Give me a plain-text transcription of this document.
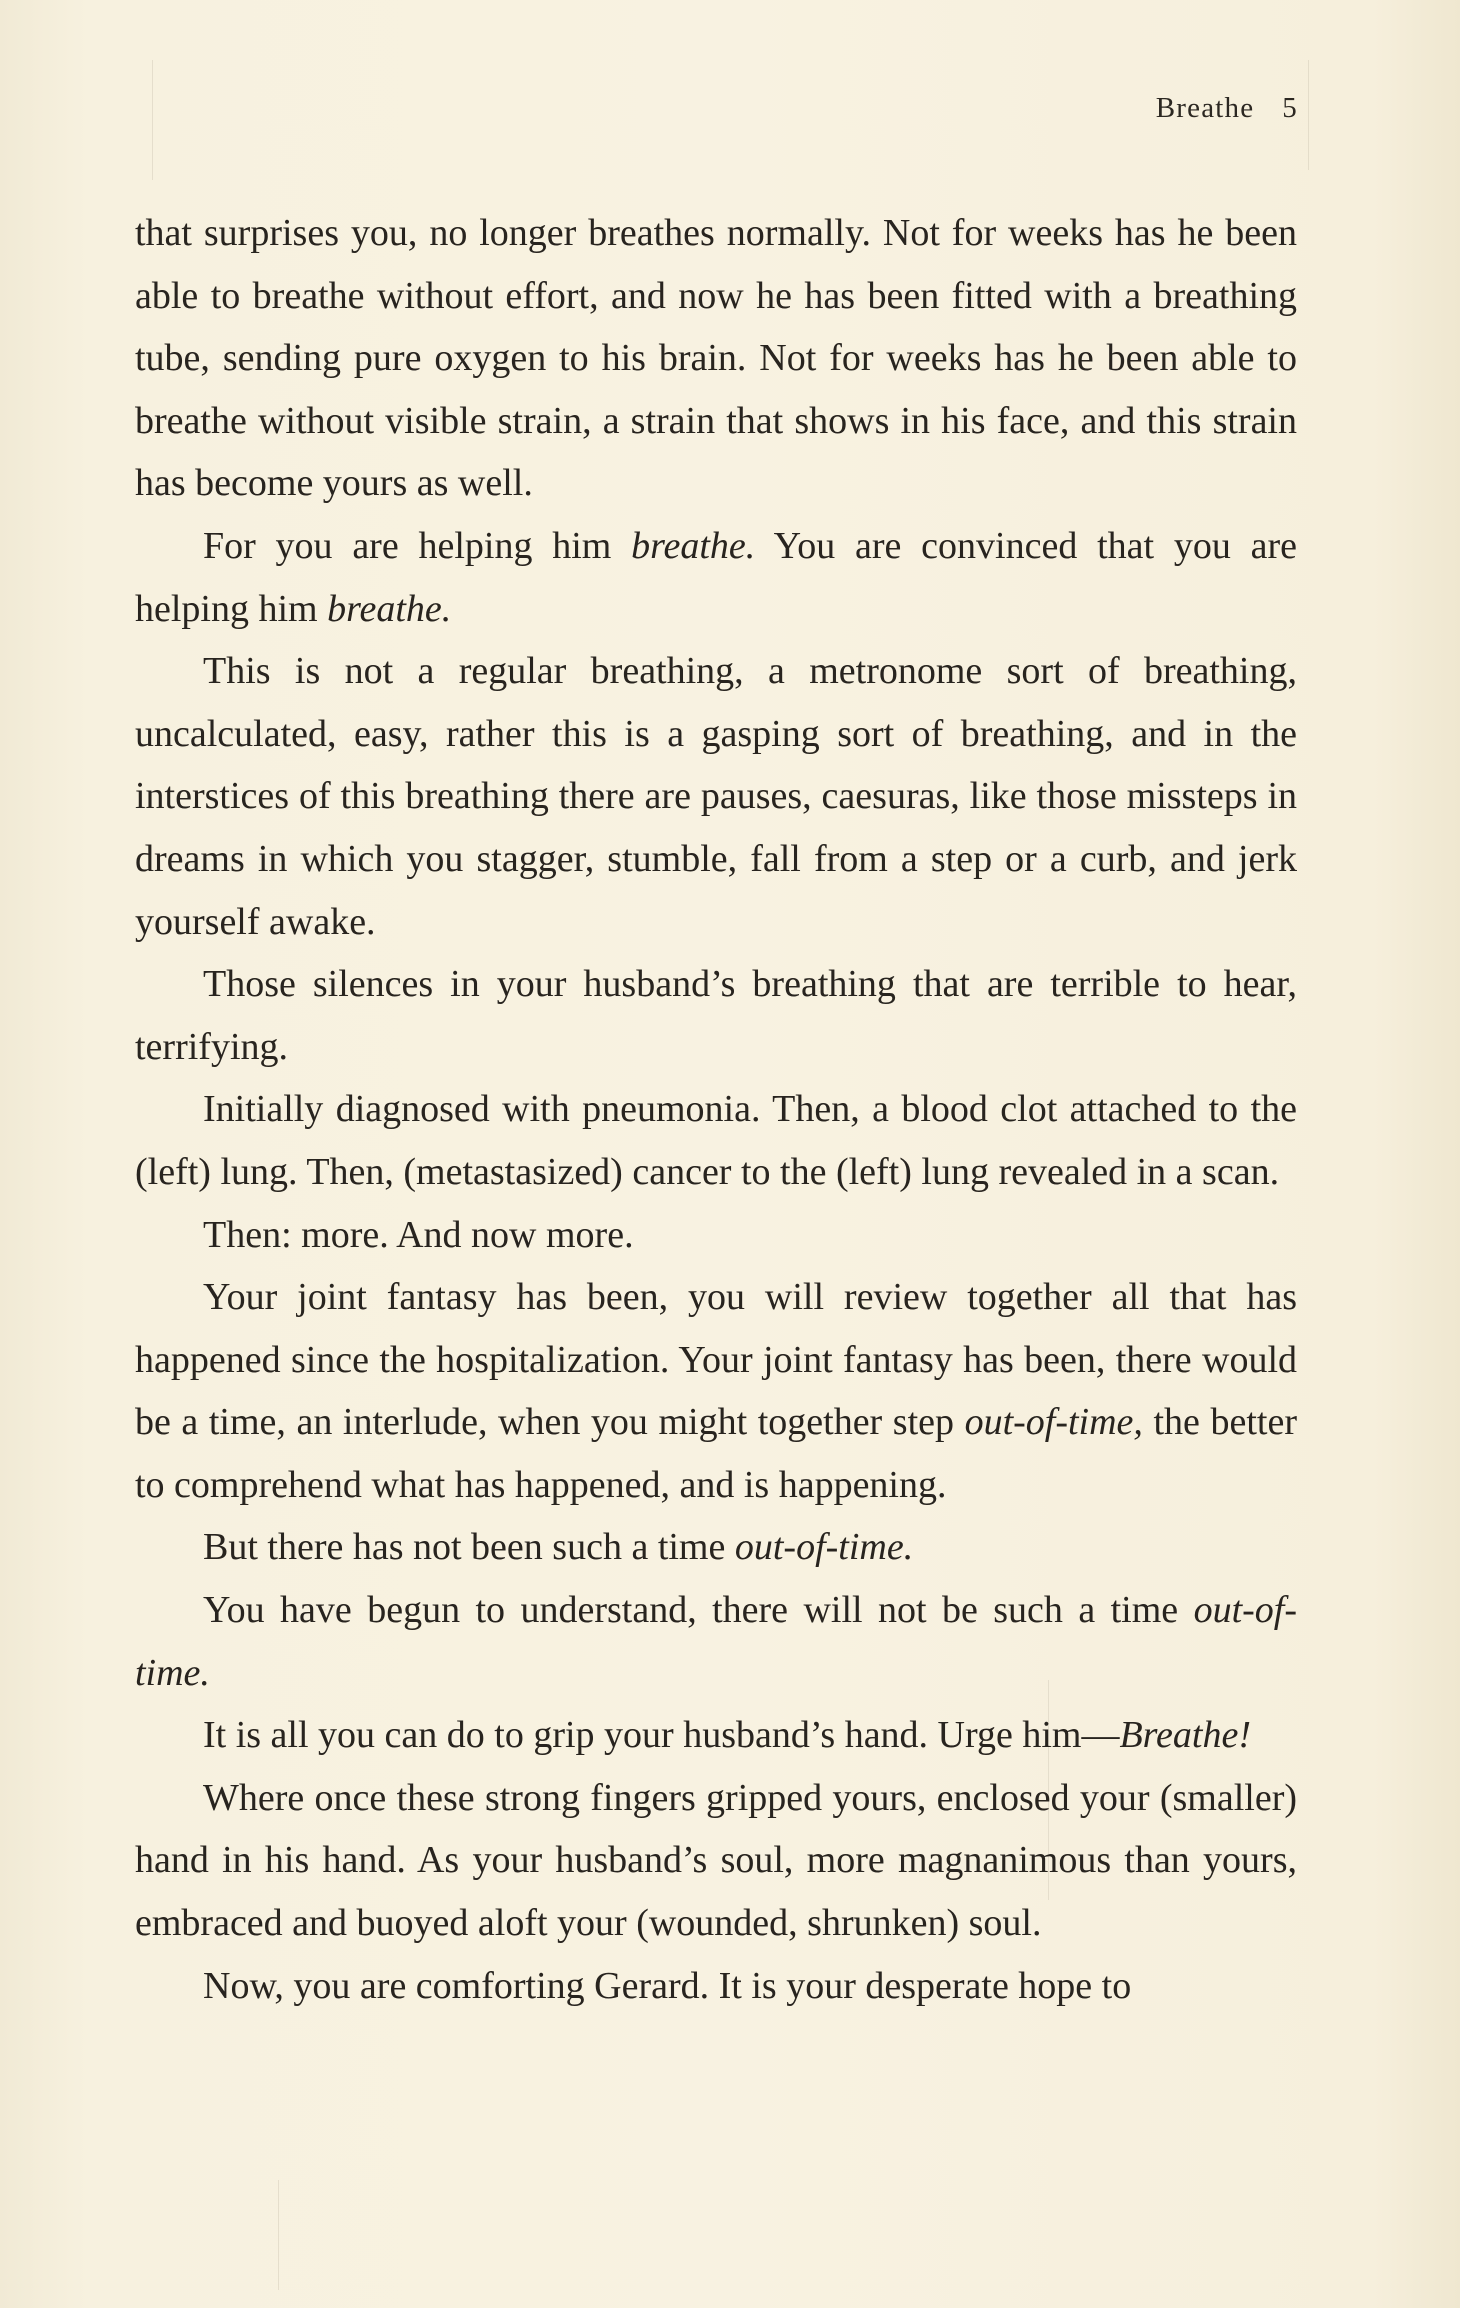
Breathe 5

that surprises you, no longer breathes normally. Not for weeks has he been able to breathe without effort, and now he has been fitted with a breathing tube, sending pure oxygen to his brain. Not for weeks has he been able to breathe without visible strain, a strain that shows in his face, and this strain has become yours as well.

For you are helping him breathe. You are convinced that you are helping him breathe.

This is not a regular breathing, a metronome sort of breathing, uncalculated, easy, rather this is a gasping sort of breathing, and in the interstices of this breathing there are pauses, caesuras, like those missteps in dreams in which you stagger, stumble, fall from a step or a curb, and jerk yourself awake.

Those silences in your husband’s breathing that are terrible to hear, terrifying.

Initially diagnosed with pneumonia. Then, a blood clot attached to the (left) lung. Then, (metastasized) cancer to the (left) lung revealed in a scan.

Then: more. And now more.

Your joint fantasy has been, you will review together all that has happened since the hospitalization. Your joint fantasy has been, there would be a time, an interlude, when you might together step out-of-time, the better to comprehend what has happened, and is happening.

But there has not been such a time out-of-time.

You have begun to understand, there will not be such a time out-of-time.

It is all you can do to grip your husband’s hand. Urge him—Breathe!

Where once these strong fingers gripped yours, enclosed your (smaller) hand in his hand. As your husband’s soul, more magnanimous than yours, embraced and buoyed aloft your (wounded, shrunken) soul.

Now, you are comforting Gerard. It is your desperate hope to
